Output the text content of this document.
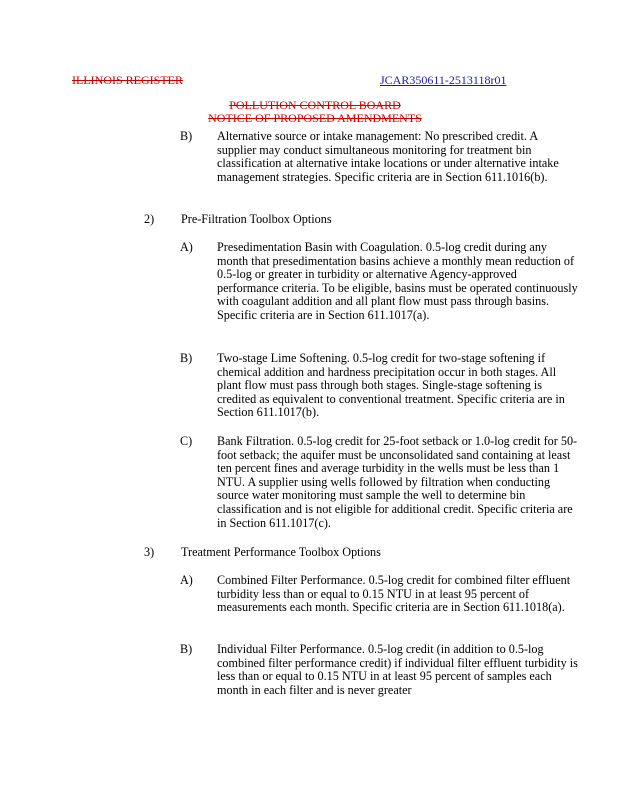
ILLINOIS REGISTER	JCAR350611-2513118r01
POLLUTION CONTROL BOARD
NOTICE OF PROPOSED AMENDMENTS
B) Alternative source or intake management: No prescribed credit. A supplier may conduct simultaneous monitoring for treatment bin classification at alternative intake locations or under alternative intake management strategies. Specific criteria are in Section 611.1016(b).
2) Pre-Filtration Toolbox Options
A) Presedimentation Basin with Coagulation. 0.5-log credit during any month that presedimentation basins achieve a monthly mean reduction of 0.5-log or greater in turbidity or alternative Agency-approved performance criteria. To be eligible, basins must be operated continuously with coagulant addition and all plant flow must pass through basins. Specific criteria are in Section 611.1017(a).
B) Two-stage Lime Softening. 0.5-log credit for two-stage softening if chemical addition and hardness precipitation occur in both stages. All plant flow must pass through both stages. Single-stage softening is credited as equivalent to conventional treatment. Specific criteria are in Section 611.1017(b).
C) Bank Filtration. 0.5-log credit for 25-foot setback or 1.0-log credit for 50-foot setback; the aquifer must be unconsolidated sand containing at least ten percent fines and average turbidity in the wells must be less than 1 NTU. A supplier using wells followed by filtration when conducting source water monitoring must sample the well to determine bin classification and is not eligible for additional credit. Specific criteria are in Section 611.1017(c).
3) Treatment Performance Toolbox Options
A) Combined Filter Performance. 0.5-log credit for combined filter effluent turbidity less than or equal to 0.15 NTU in at least 95 percent of measurements each month. Specific criteria are in Section 611.1018(a).
B) Individual Filter Performance. 0.5-log credit (in addition to 0.5-log combined filter performance credit) if individual filter effluent turbidity is less than or equal to 0.15 NTU in at least 95 percent of samples each month in each filter and is never greater
